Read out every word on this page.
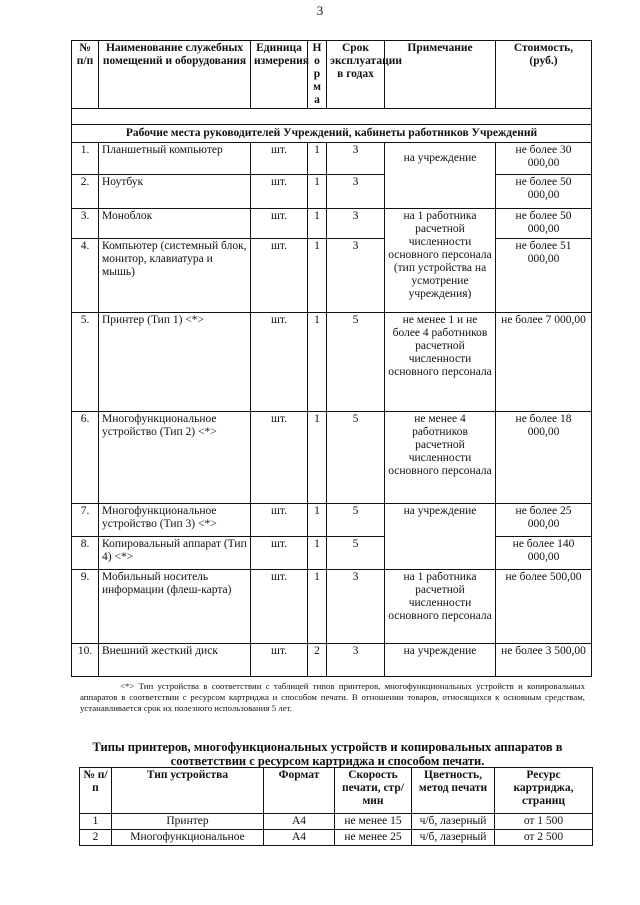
3
№ п/п	Наименование служебных помещений и оборудования	Единица измерения	Норма	Срок эксплуатации в годах	Примечание	Стоимость, (руб.)

Рабочие места руководителей Учреждений, кабинеты работников Учреждений						
1.	Планшетный компьютер	шт.	1	3	на учреждение	не более 30 000,00
2.	Ноутбук	шт.	1	3		не более 50 000,00
3.	Моноблок	шт.	1	3	на 1 работника расчетной численности основного персонала (тип устройства на усмотрение учреждения)	не более 50 000,00
4.	Компьютер (системный блок, монитор, клавиатура и мышь)	шт.	1	3		не более 51 000,00
5.	Принтер (Тип 1) <*>	шт.	1	5	не менее 1 и не более 4 работников расчетной численности основного персонала	не более 7 000,00
6.	Многофункциональное устройство (Тип 2) <*>	шт.	1	5	не менее 4 работников расчетной численности основного персонала	не более 18 000,00
7.	Многофункциональное устройство (Тип 3) <*>	шт.	1	5	на учреждение	не более 25 000,00
8.	Копировальный аппарат (Тип 4) <*>	шт.	1	5		не более 140 000,00
9.	Мобильный носитель информации (флеш-карта)	шт.	1	3	на 1 работника расчетной численности основного персонала	не более 500,00
10.	Внешний жесткий диск	шт.	2	3	на учреждение	не более 3 500,00
<*> Тип устройства в соответствии с таблицей типов принтеров, многофункциональных устройств и копировальных аппаратов в соответствии с ресурсом картриджа и способом печати. В отношении товаров, относящихся к основным средствам, устанавливается срок их полезного использования 5 лет.
Типы принтеров, многофункциональных устройств и копировальных аппаратов в соответствии с ресурсом картриджа и способом печати.
№ п/п	Тип устройства	Формат	Скорость печати, стр/мин	Цветность, метод печати	Ресурс картриджа, страниц
1	Принтер	А4	не менее 15	ч/б, лазерный	от 1 500
2	Многофункциональное	А4	не менее 25	ч/б, лазерный	от 2 500
